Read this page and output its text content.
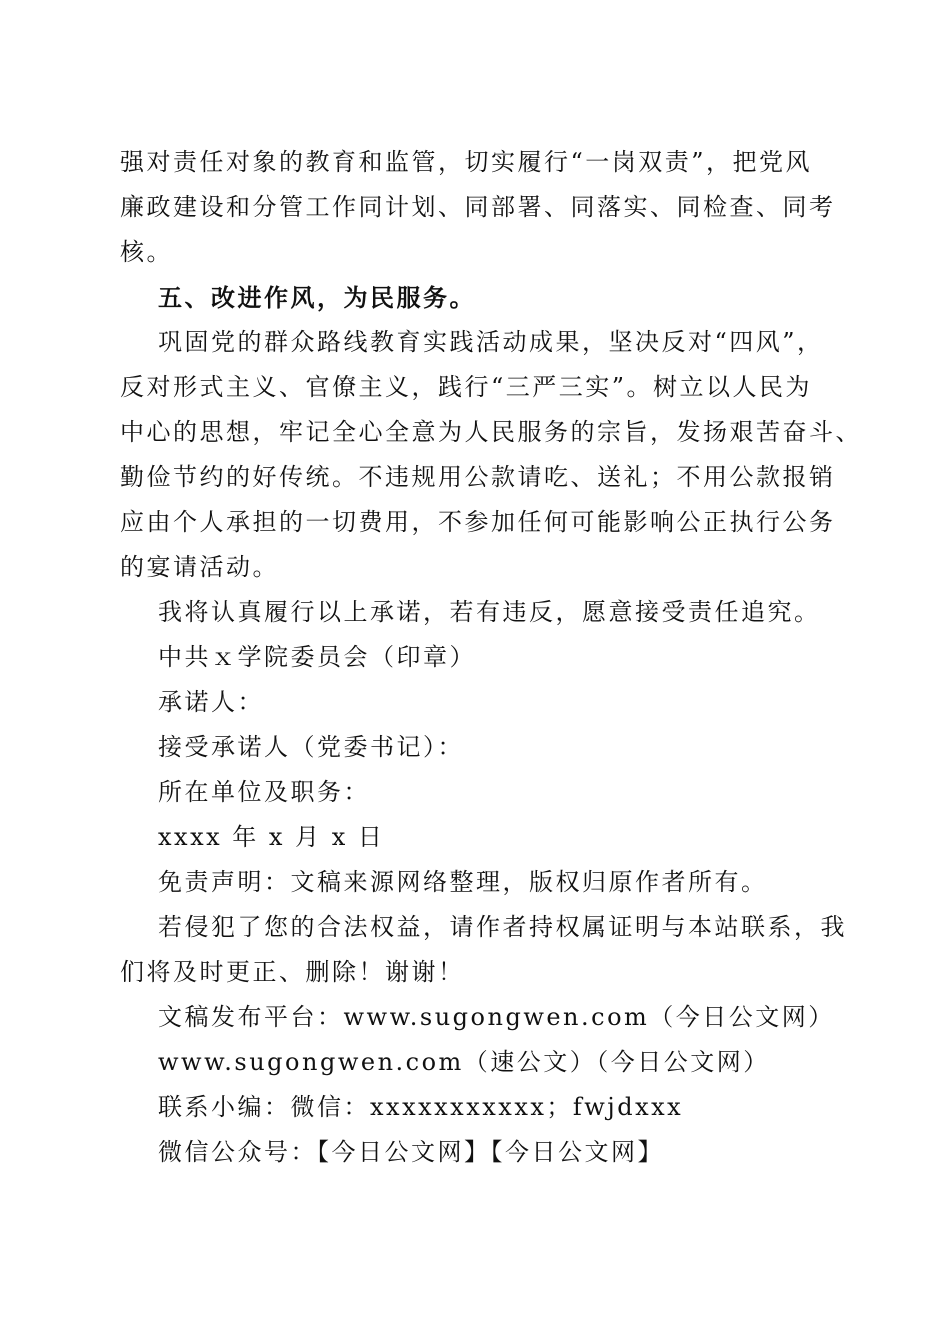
强对责任对象的教育和监管，切实履行“一岗双责”，把党风
廉政建设和分管工作同计划、同部署、同落实、同检查、同考
核。
五、改进作风，为民服务。
巩固党的群众路线教育实践活动成果，坚决反对“四风”，
反对形式主义、官僚主义，践行“三严三实”。树立以人民为
中心的思想，牢记全心全意为人民服务的宗旨，发扬艰苦奋斗、
勤俭节约的好传统。不违规用公款请吃、送礼；不用公款报销
应由个人承担的一切费用，不参加任何可能影响公正执行公务
的宴请活动。
我将认真履行以上承诺，若有违反，愿意接受责任追究。
中共ｘ学院委员会（印章）
承诺人：
接受承诺人（党委书记）：
所在单位及职务：
xxxx 年 x 月 x 日
免责声明：文稿来源网络整理，版权归原作者所有。
若侵犯了您的合法权益，请作者持权属证明与本站联系，我
们将及时更正、删除！谢谢！
文稿发布平台：www.sugongwen.com（今日公文网）
www.sugongwen.com（速公文）（今日公文网）
联系小编：微信：xxxxxxxxxxx；fwjdxxx
微信公众号：【今日公文网】【今日公文网】
